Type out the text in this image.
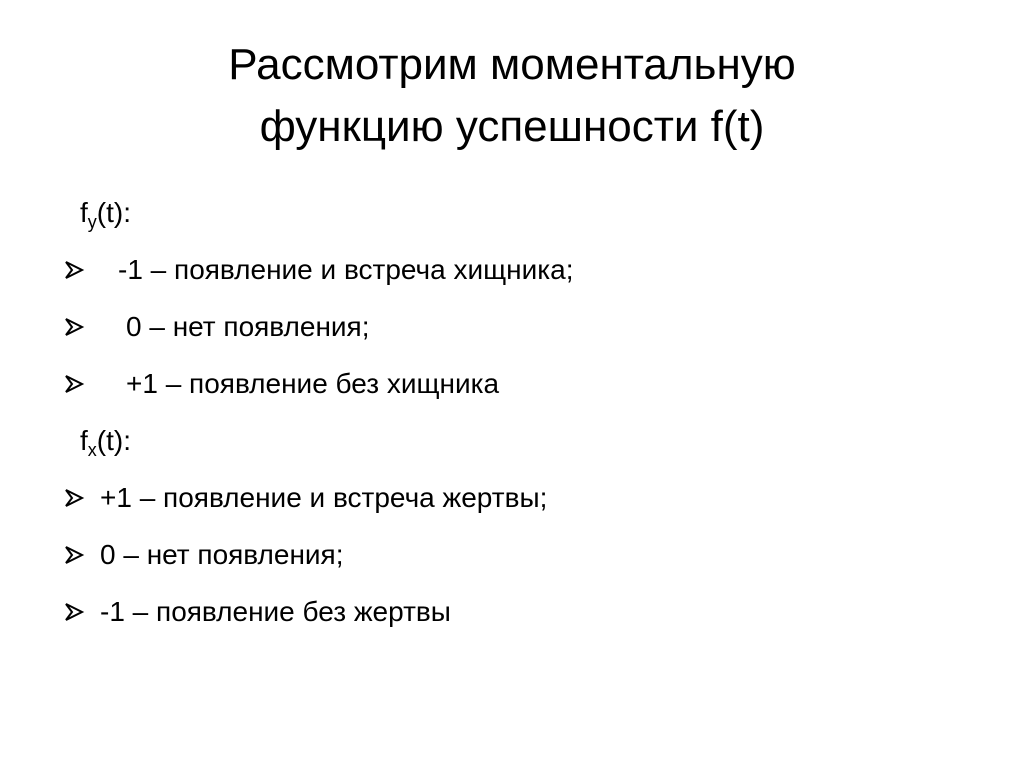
Рассмотрим моментальную
функцию успешности f(t)
$f_y(t)$:
-1 – появление и встреча хищника;
0 – нет появления;
+1 – появление без хищника
$f_x(t)$:
+1 – появление и встреча жертвы;
0 – нет появления;
-1 – появление без жертвы
